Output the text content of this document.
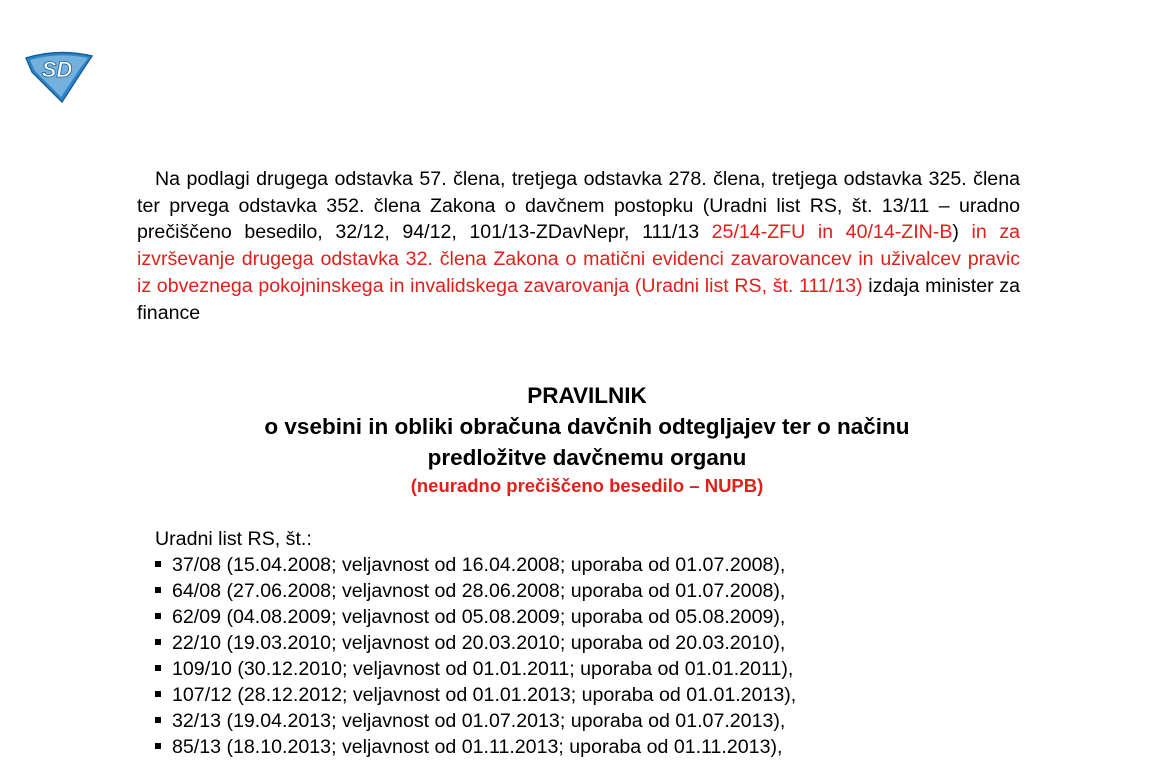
SD

Na podlagi drugega odstavka 57. člena, tretjega odstavka 278. člena, tretjega odstavka 325. člena ter prvega odstavka 352. člena Zakona o davčnem postopku (Uradni list RS, št. 13/11 – uradno prečiščeno besedilo, 32/12, 94/12, 101/13-ZDavNepr, 111/13 25/14-ZFU in 40/14-ZIN-B) in za izvrševanje drugega odstavka 32. člena Zakona o matični evidenci zavarovancev in uživalcev pravic iz obveznega pokojninskega in invalidskega zavarovanja (Uradni list RS, št. 111/13) izdaja minister za finance

PRAVILNIK
o vsebini in obliki obračuna davčnih odtegljajev ter o načinu
predložitve davčnemu organu
(neuradno prečiščeno besedilo – NUPB)
Uradni list RS, št.:
37/08 (15.04.2008; veljavnost od 16.04.2008; uporaba od 01.07.2008),
64/08 (27.06.2008; veljavnost od 28.06.2008; uporaba od 01.07.2008),
62/09 (04.08.2009; veljavnost od 05.08.2009; uporaba od 05.08.2009),
22/10 (19.03.2010; veljavnost od 20.03.2010; uporaba od 20.03.2010),
109/10 (30.12.2010; veljavnost od 01.01.2011; uporaba od 01.01.2011),
107/12 (28.12.2012; veljavnost od 01.01.2013; uporaba od 01.01.2013),
32/13 (19.04.2013; veljavnost od 01.07.2013; uporaba od 01.07.2013),
85/13 (18.10.2013; veljavnost od 01.11.2013; uporaba od 01.11.2013),
